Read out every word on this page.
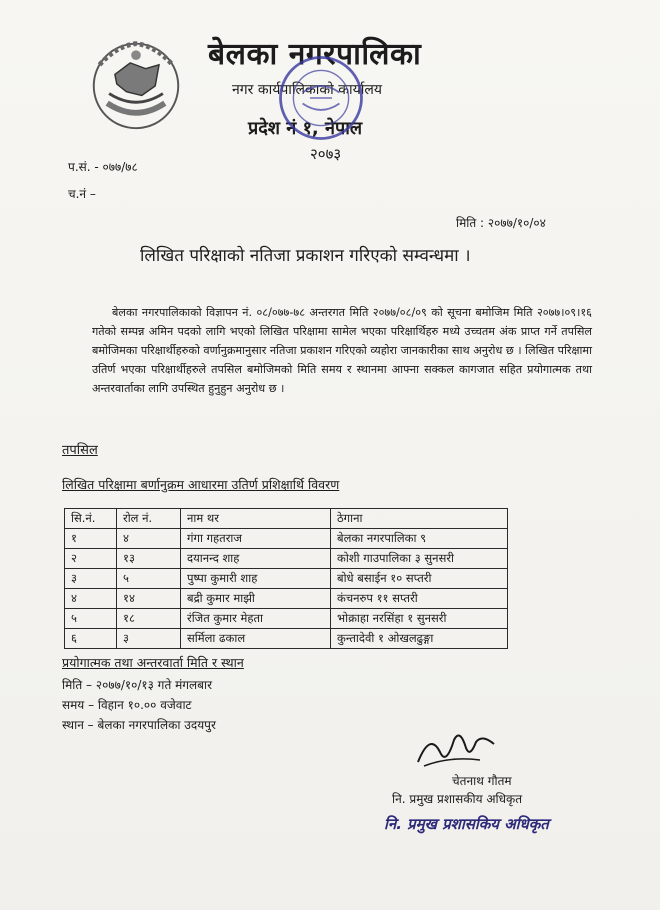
बेलका नगरपालिका
नगर कार्यपालिकाको कार्यालय
प्रदेश नं १, नेपाल
२०७३
प.सं. - ०७७/७८
च.नं –
मिति : २०७७/१०/०४
लिखित परिक्षाको नतिजा प्रकाशन गरिएको सम्वन्धमा ।
बेलका नगरपालिकाको विज्ञापन नं. ०८/०७७-७८ अन्तरगत मिति २०७७/०८/०९ को सूचना बमोजिम मिति २०७७।०९।१६ गतेको सम्पन्न अमिन पदको लागि भएको लिखित परिक्षामा सामेल भएका परिक्षार्थिहरु मध्ये उच्चतम अंक प्राप्त गर्ने तपसिल बमोजिमका परिक्षार्थीहरुको वर्णानुक्रमानुसार नतिजा प्रकाशन गरिएको व्यहोरा जानकारीका साथ अनुरोध छ । लिखित परिक्षामा उतिर्ण भएका परिक्षार्थीहरुले तपसिल बमोजिमको मिति समय र स्थानमा आफ्ना सक्कल कागजात सहित प्रयोगात्मक तथा अन्तरवार्ताका लागि उपस्थित हुनुहुन अनुरोध छ ।
तपसिल
लिखित परिक्षामा बर्णानुक्रम आधारमा उतिर्ण प्रशिक्षार्थि विवरण
सि.नं.	रोल नं.	नाम थर	ठेगाना
१	४	गंगा गहतराज	बेलका नगरपालिका ९
२	१३	दयानन्द शाह	कोशी गाउपालिका ३ सुनसरी
३	५	पुष्पा कुमारी शाह	बोधे बसाईन १० सप्तरी
४	१४	बद्री कुमार माझी	कंचनरुप ११ सप्तरी
५	१८	रंजित कुमार मेहता	भोक्राहा नरसिंहा १ सुनसरी
६	३	सर्मिला ढकाल	कुन्तादेवी १ ओखलढुङ्गा
प्रयोगात्मक तथा अन्तरवार्ता मिति र स्थान
मिति – २०७७/१०/१३ गते मंगलबार
समय – विहान १०.०० वजेवाट
स्थान – बेलका नगरपालिका उदयपुर
चेतनाथ गौतम
नि. प्रमुख प्रशासकीय अधिकृत
नि. प्रमुख प्रशासकिय अधिकृत
